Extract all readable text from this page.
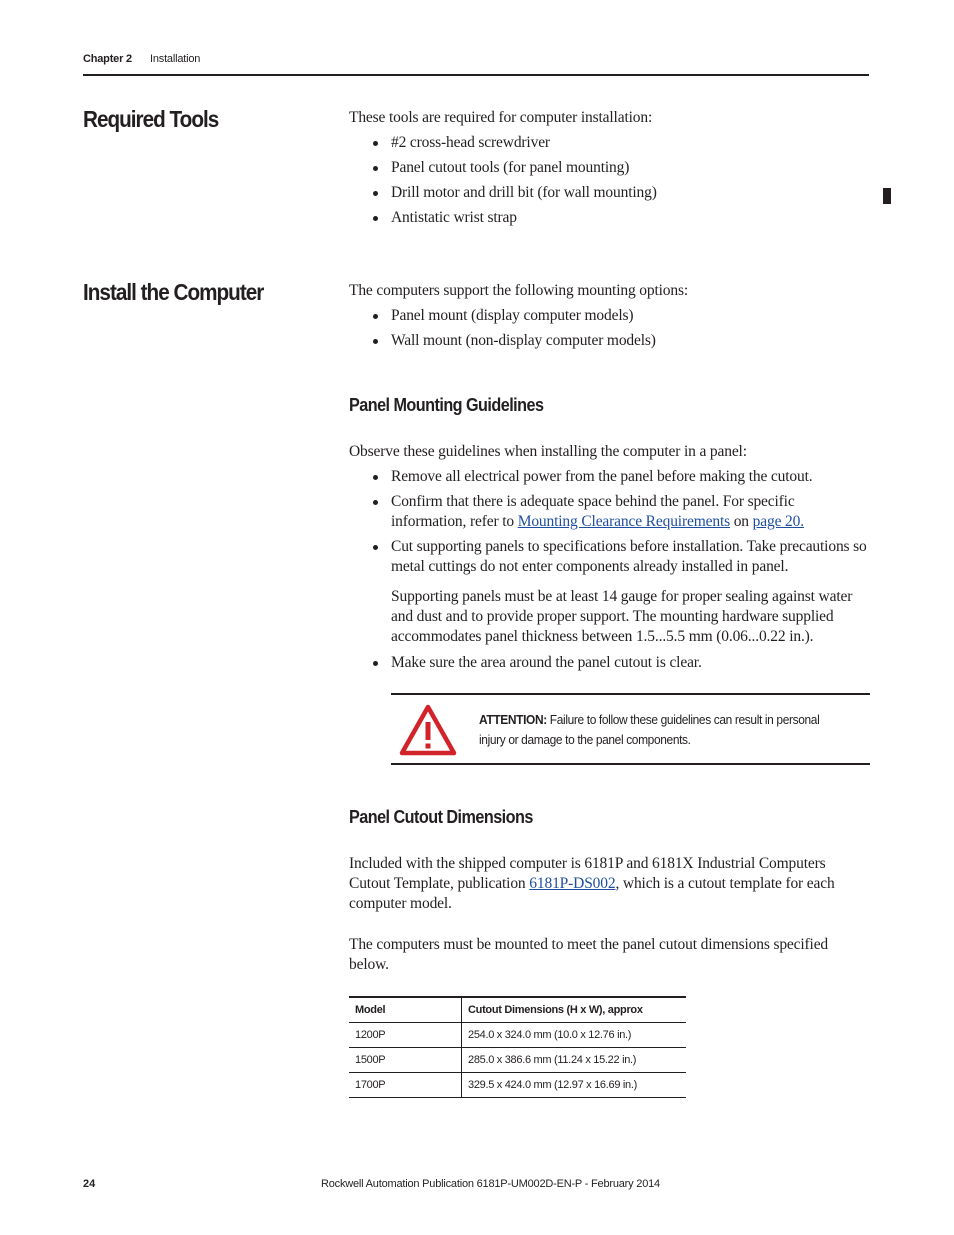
Chapter 2 Installation
Required Tools	These tools are required for computer installation:
#2 cross-head screwdriver
Panel cutout tools (for panel mounting)
Drill motor and drill bit (for wall mounting)
Antistatic wrist strap
Install the Computer	The computers support the following mounting options:
Panel mount (display computer models)
Wall mount (non-display computer models)
Panel Mounting Guidelines
Observe these guidelines when installing the computer in a panel:
Remove all electrical power from the panel before making the cutout.
Confirm that there is adequate space behind the panel. For specific information, refer to Mounting Clearance Requirements on page 20.
Cut supporting panels to specifications before installation. Take precautions so metal cuttings do not enter components already installed in panel.
Supporting panels must be at least 14 gauge for proper sealing against water and dust and to provide proper support. The mounting hardware supplied accommodates panel thickness between 1.5...5.5 mm (0.06...0.22 in.).
Make sure the area around the panel cutout is clear.
ATTENTION: Failure to follow these guidelines can result in personal injury or damage to the panel components.
Panel Cutout Dimensions
Included with the shipped computer is 6181P and 6181X Industrial Computers Cutout Template, publication 6181P-DS002, which is a cutout template for each computer model.
The computers must be mounted to meet the panel cutout dimensions specified below.
Model	Cutout Dimensions (H x W), approx
1200P	254.0 x 324.0 mm (10.0 x 12.76 in.)
1500P	285.0 x 386.6 mm (11.24 x 15.22 in.)
1700P	329.5 x 424.0 mm (12.97 x 16.69 in.)
24	Rockwell Automation Publication 6181P-UM002D-EN-P - February 2014
